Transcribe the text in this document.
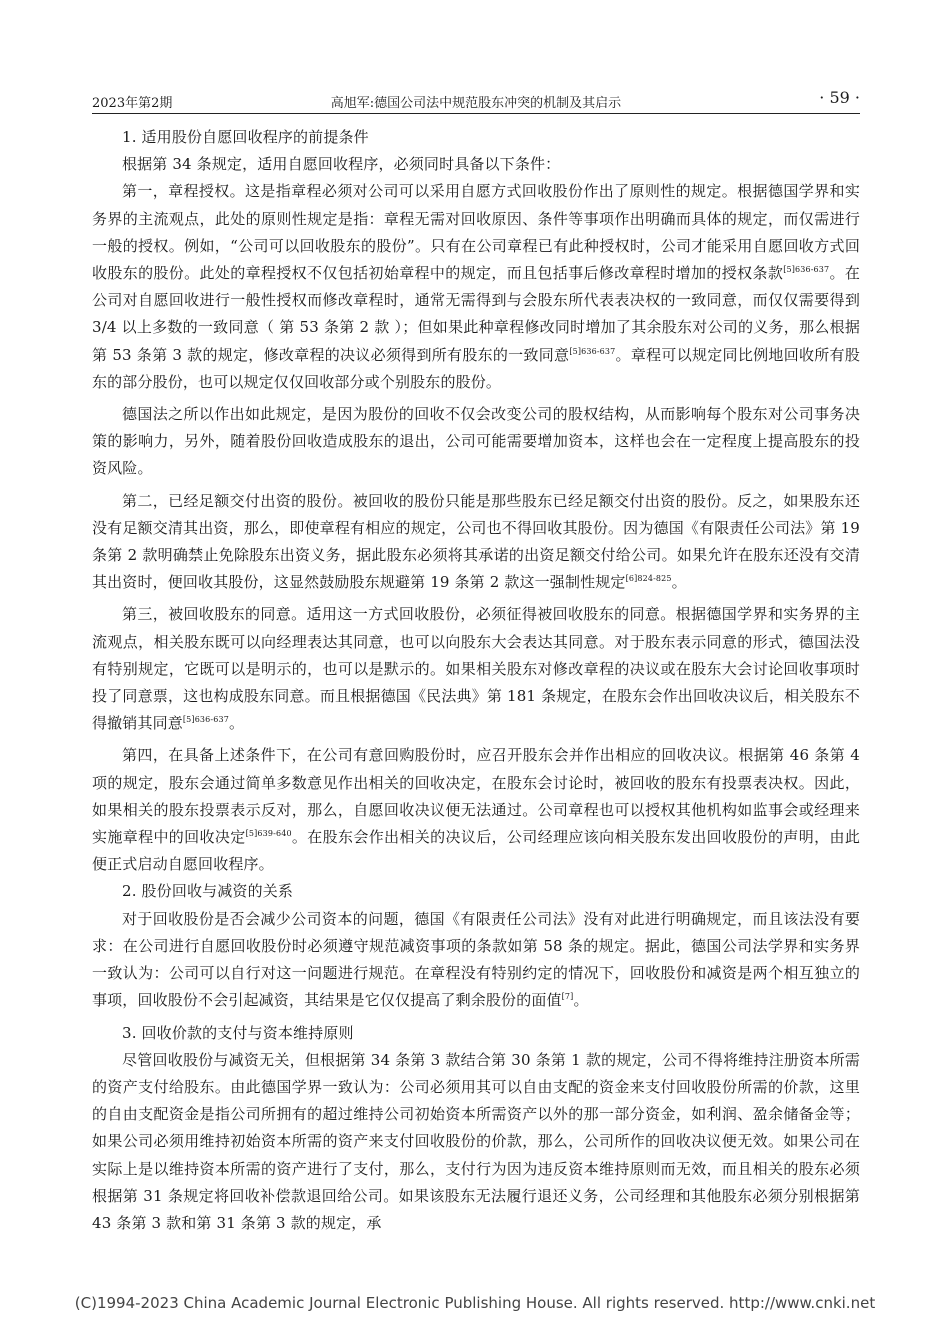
2023年第2期	高旭军:德国公司法中规范股东冲突的机制及其启示	· 59 ·

1. 适用股份自愿回收程序的前提条件

根据第 34 条规定，适用自愿回收程序，必须同时具备以下条件：

第一，章程授权。这是指章程必须对公司可以采用自愿方式回收股份作出了原则性的规定。根据德国学界和实务界的主流观点，此处的原则性规定是指：章程无需对回收原因、条件等事项作出明确而具体的规定，而仅需进行一般的授权。例如，“公司可以回收股东的股份”。只有在公司章程已有此种授权时，公司才能采用自愿回收方式回收股东的股份。此处的章程授权不仅包括初始章程中的规定，而且包括事后修改章程时增加的授权条款$^{[5]636-637}$。在公司对自愿回收进行一般性授权而修改章程时，通常无需得到与会股东所代表表决权的一致同意，而仅仅需要得到 3/4 以上多数的一致同意（ 第 53 条第 2 款 ）；但如果此种章程修改同时增加了其余股东对公司的义务，那么根据第 53 条第 3 款的规定，修改章程的决议必须得到所有股东的一致同意$^{[5]636-637}$。章程可以规定同比例地回收所有股东的部分股份，也可以规定仅仅回收部分或个别股东的股份。

德国法之所以作出如此规定，是因为股份的回收不仅会改变公司的股权结构，从而影响每个股东对公司事务决策的影响力，另外，随着股份回收造成股东的退出，公司可能需要增加资本，这样也会在一定程度上提高股东的投资风险。

第二，已经足额交付出资的股份。被回收的股份只能是那些股东已经足额交付出资的股份。反之，如果股东还没有足额交清其出资，那么，即使章程有相应的规定，公司也不得回收其股份。因为德国《有限责任公司法》第 19 条第 2 款明确禁止免除股东出资义务，据此股东必须将其承诺的出资足额交付给公司。如果允许在股东还没有交清其出资时，便回收其股份，这显然鼓励股东规避第 19 条第 2 款这一强制性规定$^{[6]824-825}$。

第三，被回收股东的同意。适用这一方式回收股份，必须征得被回收股东的同意。根据德国学界和实务界的主流观点，相关股东既可以向经理表达其同意，也可以向股东大会表达其同意。对于股东表示同意的形式，德国法没有特别规定，它既可以是明示的，也可以是默示的。如果相关股东对修改章程的决议或在股东大会讨论回收事项时投了同意票，这也构成股东同意。而且根据德国《民法典》第 181 条规定，在股东会作出回收决议后，相关股东不得撤销其同意$^{[5]636-637}$。

第四，在具备上述条件下，在公司有意回购股份时，应召开股东会并作出相应的回收决议。根据第 46 条第 4 项的规定，股东会通过简单多数意见作出相关的回收决定，在股东会讨论时，被回收的股东有投票表决权。因此，如果相关的股东投票表示反对，那么，自愿回收决议便无法通过。公司章程也可以授权其他机构如监事会或经理来实施章程中的回收决定$^{[5]639-640}$。在股东会作出相关的决议后，公司经理应该向相关股东发出回收股份的声明，由此便正式启动自愿回收程序。

2. 股份回收与减资的关系

对于回收股份是否会减少公司资本的问题，德国《有限责任公司法》没有对此进行明确规定，而且该法没有要求：在公司进行自愿回收股份时必须遵守规范减资事项的条款如第 58 条的规定。据此，德国公司法学界和实务界一致认为：公司可以自行对这一问题进行规范。在章程没有特别约定的情况下，回收股份和减资是两个相互独立的事项，回收股份不会引起减资，其结果是它仅仅提高了剩余股份的面值[7]。

3. 回收价款的支付与资本维持原则

尽管回收股份与减资无关，但根据第 34 条第 3 款结合第 30 条第 1 款的规定，公司不得将维持注册资本所需的资产支付给股东。由此德国学界一致认为：公司必须用其可以自由支配的资金来支付回收股份所需的价款，这里的自由支配资金是指公司所拥有的超过维持公司初始资本所需资产以外的那一部分资金，如利润、盈余储备金等；如果公司必须用维持初始资本所需的资产来支付回收股份的价款，那么，公司所作的回收决议便无效。如果公司在实际上是以维持资本所需的资产进行了支付，那么，支付行为因为违反资本维持原则而无效，而且相关的股东必须根据第 31 条规定将回收补偿款退回给公司。如果该股东无法履行退还义务，公司经理和其他股东必须分别根据第 43 条第 3 款和第 31 条第 3 款的规定，承

(C)1994-2023 China Academic Journal Electronic Publishing House. All rights reserved. http://www.cnki.net
